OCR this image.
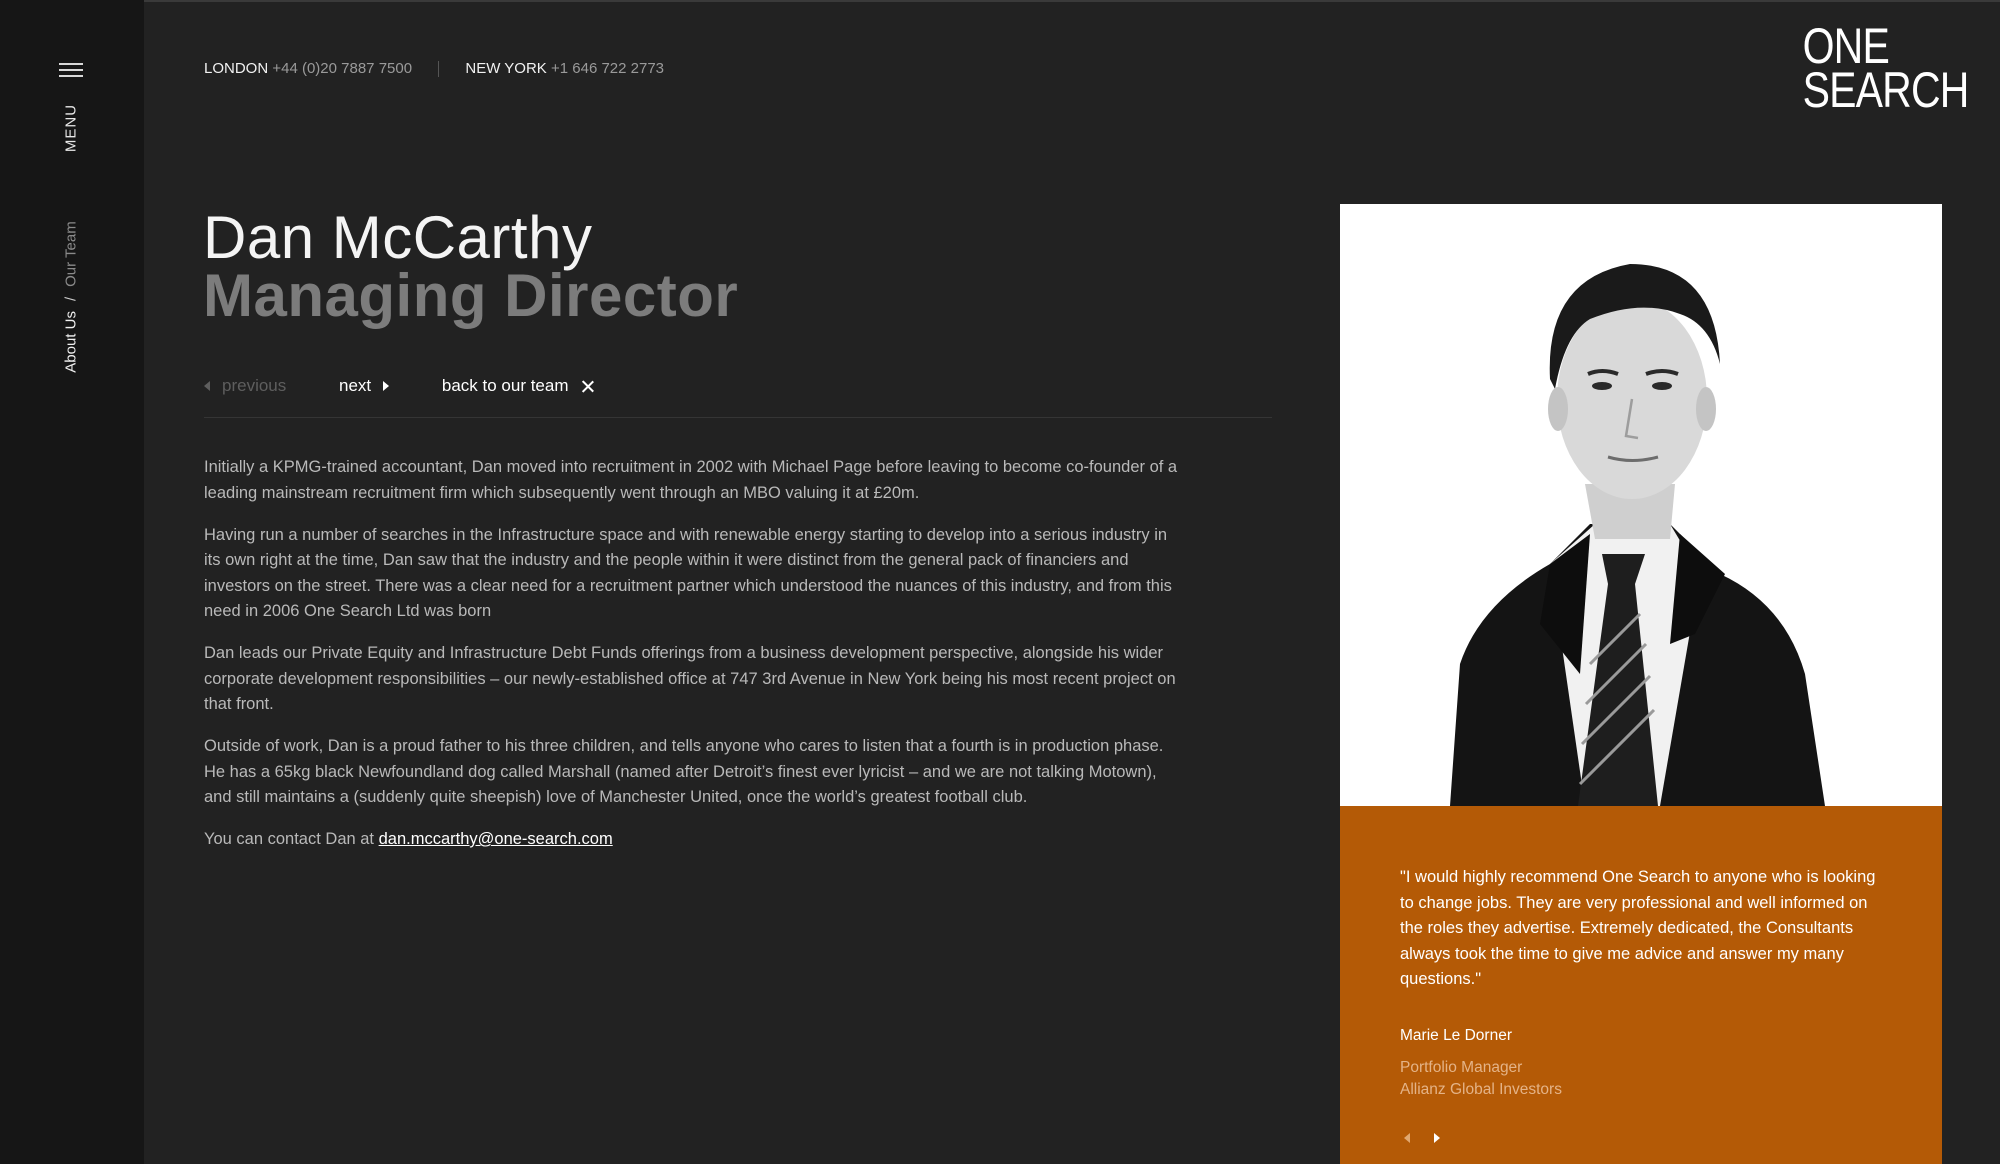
MENU
About Us/Our Team
LONDON +44 (0)20 7887 7500	NEW YORK +1 646 722 2773	ONE
SEARCH
Dan McCarthy
Managing Director
previous
	next
	back to our team

Initially a KPMG-trained accountant, Dan moved into recruitment in 2002 with Michael Page before leaving to become co-founder of a leading mainstream recruitment firm which subsequently went through an MBO valuing it at £20m.

Having run a number of searches in the Infrastructure space and with renewable energy starting to develop into a serious industry in its own right at the time, Dan saw that the industry and the people within it were distinct from the general pack of financiers and investors on the street. There was a clear need for a recruitment partner which understood the nuances of this industry, and from this need in 2006 One Search Ltd was born

Dan leads our Private Equity and Infrastructure Debt Funds offerings from a business development perspective, alongside his wider corporate development responsibilities – our newly-established office at 747 3rd Avenue in New York being his most recent project on that front.

Outside of work, Dan is a proud father to his three children, and tells anyone who cares to listen that a fourth is in production phase. He has a 65kg black Newfoundland dog called Marshall (named after Detroit’s finest ever lyricist – and we are not talking Motown), and still maintains a (suddenly quite sheepish) love of Manchester United, once the world’s greatest football club.

You can contact Dan at dan.mccarthy@one-search.com

"I would highly recommend One Search to anyone who is looking to change jobs. They are very professional and well informed on the roles they advertise. Extremely dedicated, the Consultants always took the time to give me advice and answer my many questions."

Marie Le Dorner
Portfolio Manager
Allianz Global Investors
